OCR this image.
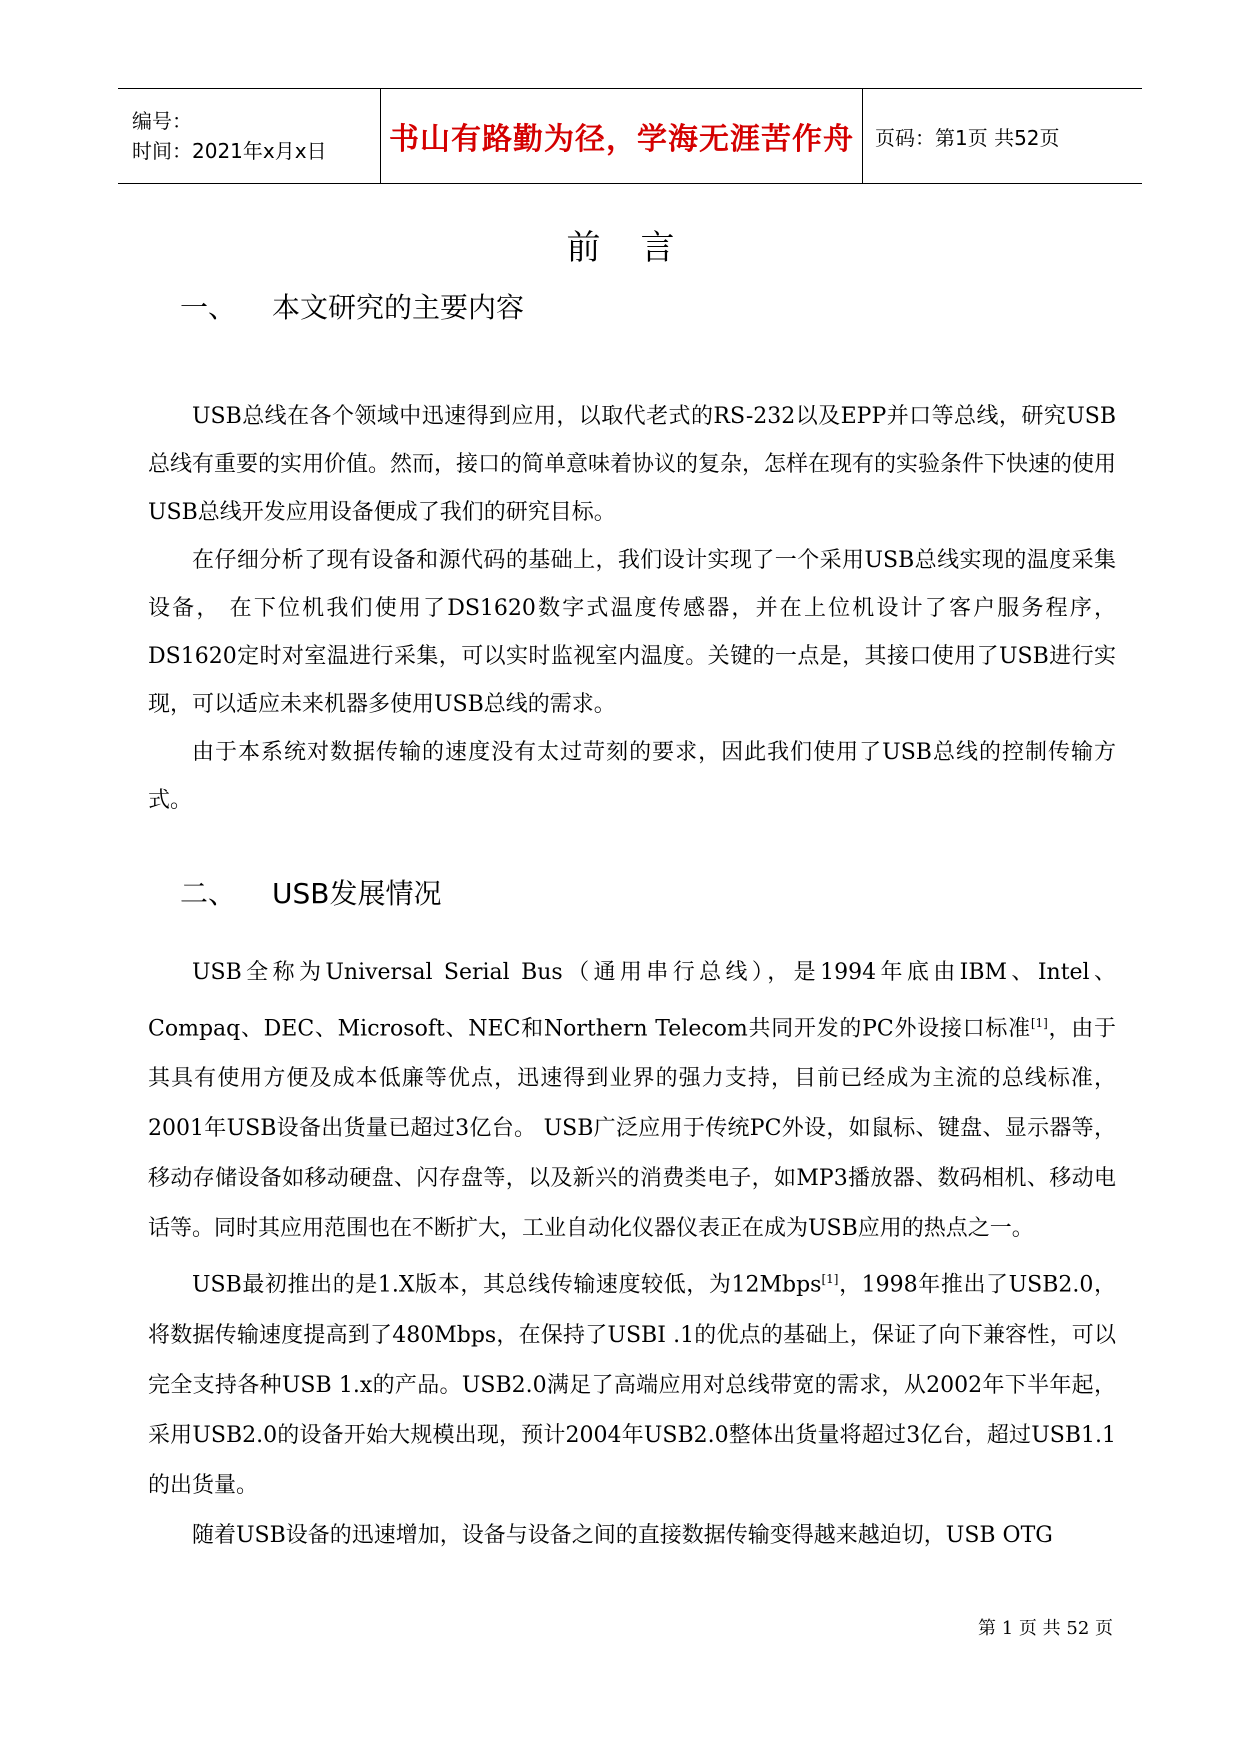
编号：
时间：2021年x月x日	书山有路勤为径，学海无涯苦作舟 页码：第1页 共52页
前言
一、	本文研究的主要内容

USB总线在各个领域中迅速得到应用，以取代老式的RS-232以及EPP并口等总线，研究USB总线有重要的实用价值。然而，接口的简单意味着协议的复杂，怎样在现有的实验条件下快速的使用USB总线开发应用设备便成了我们的研究目标。

在仔细分析了现有设备和源代码的基础上，我们设计实现了一个采用USB总线实现的温度采集设备， 在下位机我们使用了DS1620数字式温度传感器，并在上位机设计了客户服务程序，DS1620定时对室温进行采集，可以实时监视室内温度。关键的一点是，其接口使用了USB进行实现，可以适应未来机器多使用USB总线的需求。

由于本系统对数据传输的速度没有太过苛刻的要求，因此我们使用了USB总线的控制传输方式。

二、	USB发展情况

USB全称为Universal Serial Bus（通用串行总线），是1994年底由IBM、Intel、Compaq、DEC、Microsoft、NEC和Northern Telecom共同开发的PC外设接口标准[1]，由于其具有使用方便及成本低廉等优点，迅速得到业界的强力支持，目前已经成为主流的总线标准，2001年USB设备出货量已超过3亿台。 USB广泛应用于传统PC外设，如鼠标、键盘、显示器等，移动存储设备如移动硬盘、闪存盘等，以及新兴的消费类电子，如MP3播放器、数码相机、移动电话等。同时其应用范围也在不断扩大，工业自动化仪器仪表正在成为USB应用的热点之一。

USB最初推出的是1.X版本，其总线传输速度较低，为12Mbps[1]，1998年推出了USB2.0，将数据传输速度提高到了480Mbps，在保持了USBI .1的优点的基础上，保证了向下兼容性，可以完全支持各种USB 1.x的产品。USB2.0满足了高端应用对总线带宽的需求，从2002年下半年起，采用USB2.0的设备开始大规模出现，预计2004年USB2.0整体出货量将超过3亿台，超过USB1.1的出货量。

随着USB设备的迅速增加，设备与设备之间的直接数据传输变得越来越迫切，USB OTG

第 1 页 共 52 页
